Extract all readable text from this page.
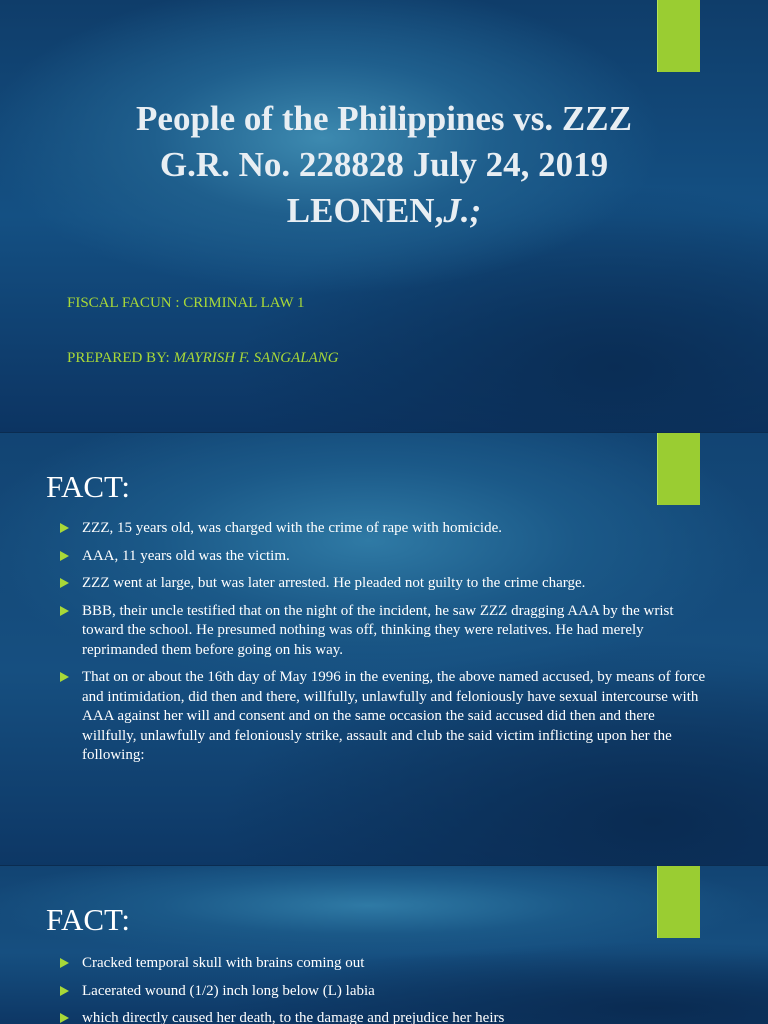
People of the Philippines vs. ZZZ
G.R. No. 228828 July 24, 2019
LEONEN,J.;
FISCAL FACUN : CRIMINAL LAW 1
PREPARED BY: MAYRISH F. SANGALANG
FACT:
ZZZ, 15 years old, was charged with the crime of rape with homicide.
AAA, 11 years old was the victim.
ZZZ went at large, but was later arrested. He pleaded not guilty to the crime charge.
BBB, their uncle testified that on the night of the incident, he saw ZZZ dragging AAA by the wrist toward the school. He presumed nothing was off, thinking they were relatives. He had merely reprimanded them before going on his way.
That on or about the 16th day of May 1996 in the evening, the above named accused, by means of force and intimidation, did then and there, willfully, unlawfully and feloniously have sexual intercourse with AAA against her will and consent and on the same occasion the said accused did then and there willfully, unlawfully and feloniously strike, assault and club the said victim inflicting upon her the following:
FACT:
Cracked temporal skull with brains coming out
Lacerated wound (1/2) inch long below (L) labia
which directly caused her death, to the damage and prejudice her heirs
